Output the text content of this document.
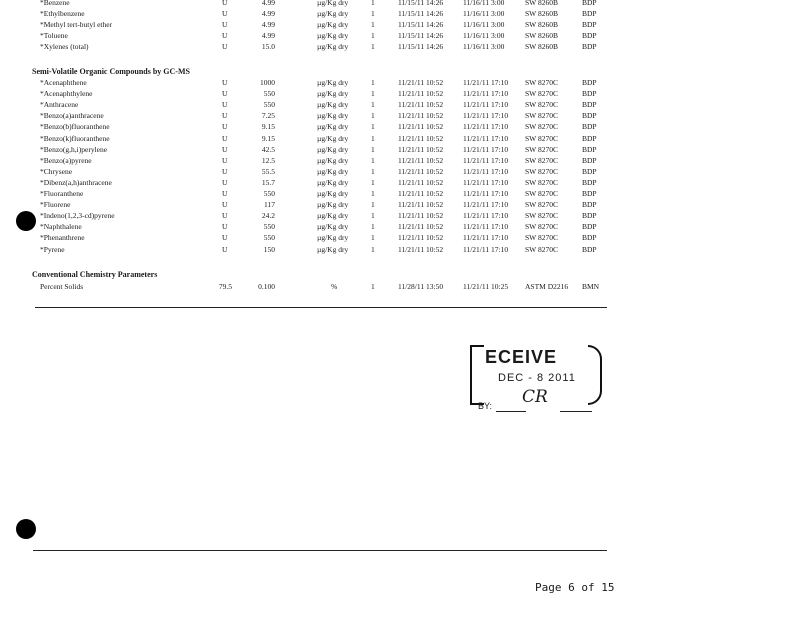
*Benzene	U	4.99	µg/Kg dry	1	11/15/11 14:26	11/16/11 3:00	SW 8260B	BDP
*Ethylbenzene	U	4.99	µg/Kg dry	1	11/15/11 14:26	11/16/11 3:00	SW 8260B	BDP
*Methyl tert-butyl ether	U	4.99	µg/Kg dry	1	11/15/11 14:26	11/16/11 3:00	SW 8260B	BDP
*Toluene	U	4.99	µg/Kg dry	1	11/15/11 14:26	11/16/11 3:00	SW 8260B	BDP
*Xylenes (total)	U	15.0	µg/Kg dry	1	11/15/11 14:26	11/16/11 3:00	SW 8260B	BDP
Semi-Volatile Organic Compounds by GC-MS
*Acenaphthene	U	1000	µg/Kg dry	1	11/21/11 10:52	11/21/11 17:10 SW 8270C	BDP
*Acenaphthylene	U	550	µg/Kg dry	1	11/21/11 10:52	11/21/11 17:10 SW 8270C	BDP
*Anthracene	U	550	µg/Kg dry	1	11/21/11 10:52	11/21/11 17:10 SW 8270C	BDP
*Benzo(a)anthracene	U	7.25	µg/Kg dry	1	11/21/11 10:52	11/21/11 17:10 SW 8270C	BDP
*Benzo(b)fluoranthene	U	9.15	µg/Kg dry	1	11/21/11 10:52	11/21/11 17:10 SW 8270C	BDP
*Benzo(k)fluoranthene	U	9.15	µg/Kg dry	1	11/21/11 10:52	11/21/11 17:10 SW 8270C	BDP
*Benzo(g,h,i)perylene	U	42.5	µg/Kg dry	1	11/21/11 10:52	11/21/11 17:10 SW 8270C	BDP
*Benzo(a)pyrene	U	12.5	µg/Kg dry	1	11/21/11 10:52	11/21/11 17:10 SW 8270C	BDP
*Chrysene	U	55.5	µg/Kg dry	1	11/21/11 10:52	11/21/11 17:10 SW 8270C	BDP
*Dibenz(a,h)anthracene	U	15.7	µg/Kg dry	1	11/21/11 10:52	11/21/11 17:10 SW 8270C	BDP
*Fluoranthene	U	550	µg/Kg dry	1	11/21/11 10:52	11/21/11 17:10 SW 8270C	BDP
*Fluorene	U	117	µg/Kg dry	1	11/21/11 10:52	11/21/11 17:10 SW 8270C	BDP
*Indeno(1,2,3-cd)pyrene	U	24.2	µg/Kg dry	1	11/21/11 10:52	11/21/11 17:10 SW 8270C	BDP
*Naphthalene	U	550	µg/Kg dry	1	11/21/11 10:52	11/21/11 17:10 SW 8270C	BDP
*Phenanthrene	U	550	µg/Kg dry	1	11/21/11 10:52	11/21/11 17:10 SW 8270C	BDP
*Pyrene	U	150	µg/Kg dry	1	11/21/11 10:52	11/21/11 17:10 SW 8270C	BDP
Conventional Chemistry Parameters
Percent Solids	79.5	0.100	%	1	11/28/11 13:50	11/21/11 10:25 ASTM D2216 BMN
ECEIVE
DEC - 8 2011
BY: CR
Page 6 of 15
